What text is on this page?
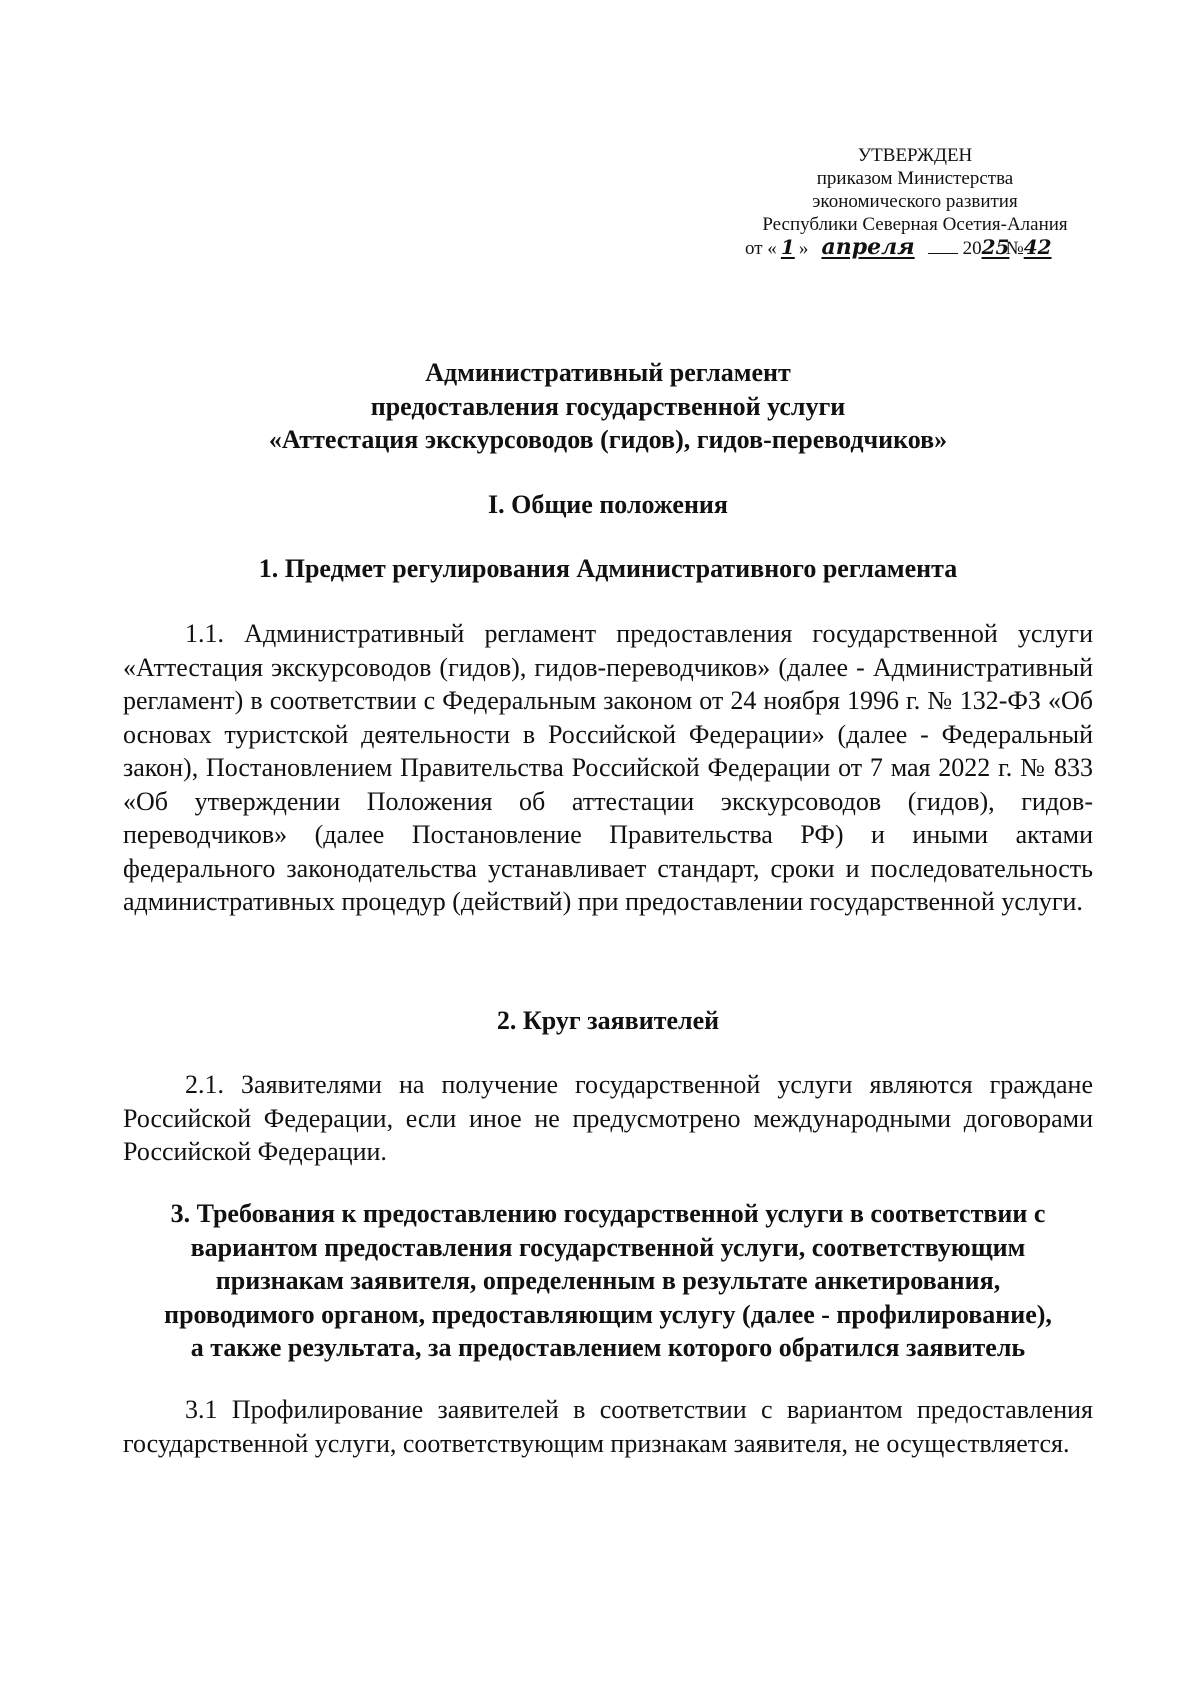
УТВЕРЖДЕН
приказом Министерства
экономического развития
Республики Северная Осетия-Алания
от « 1 » апреля	2025№42
Административный регламент
предоставления государственной услуги
«Аттестация экскурсоводов (гидов), гидов-переводчиков»
I. Общие положения
1. Предмет регулирования Административного регламента
1.1. Административный регламент предоставления государственной услуги «Аттестация экскурсоводов (гидов), гидов-переводчиков» (далее - Административный регламент) в соответствии с Федеральным законом от 24 ноября 1996 г. № 132-ФЗ «Об основах туристской деятельности в Российской Федерации» (далее - Федеральный закон), Постановлением Правительства Российской Федерации от 7 мая 2022 г. № 833 «Об утверждении Положения об аттестации экскурсоводов (гидов), гидов-переводчиков» (далее Постановление Правительства РФ) и иными актами федерального законодательства устанавливает стандарт, сроки и последовательность административных процедур (действий) при предоставлении государственной услуги.
2. Круг заявителей
2.1. Заявителями на получение государственной услуги являются граждане Российской Федерации, если иное не предусмотрено международными договорами Российской Федерации.
3. Требования к предоставлению государственной услуги в соответствии с
вариантом предоставления государственной услуги, соответствующим
признакам заявителя, определенным в результате анкетирования,
проводимого органом, предоставляющим услугу (далее - профилирование),
а также результата, за предоставлением которого обратился заявитель
3.1 Профилирование заявителей в соответствии с вариантом предоставления государственной услуги, соответствующим признакам заявителя, не осуществляется.
